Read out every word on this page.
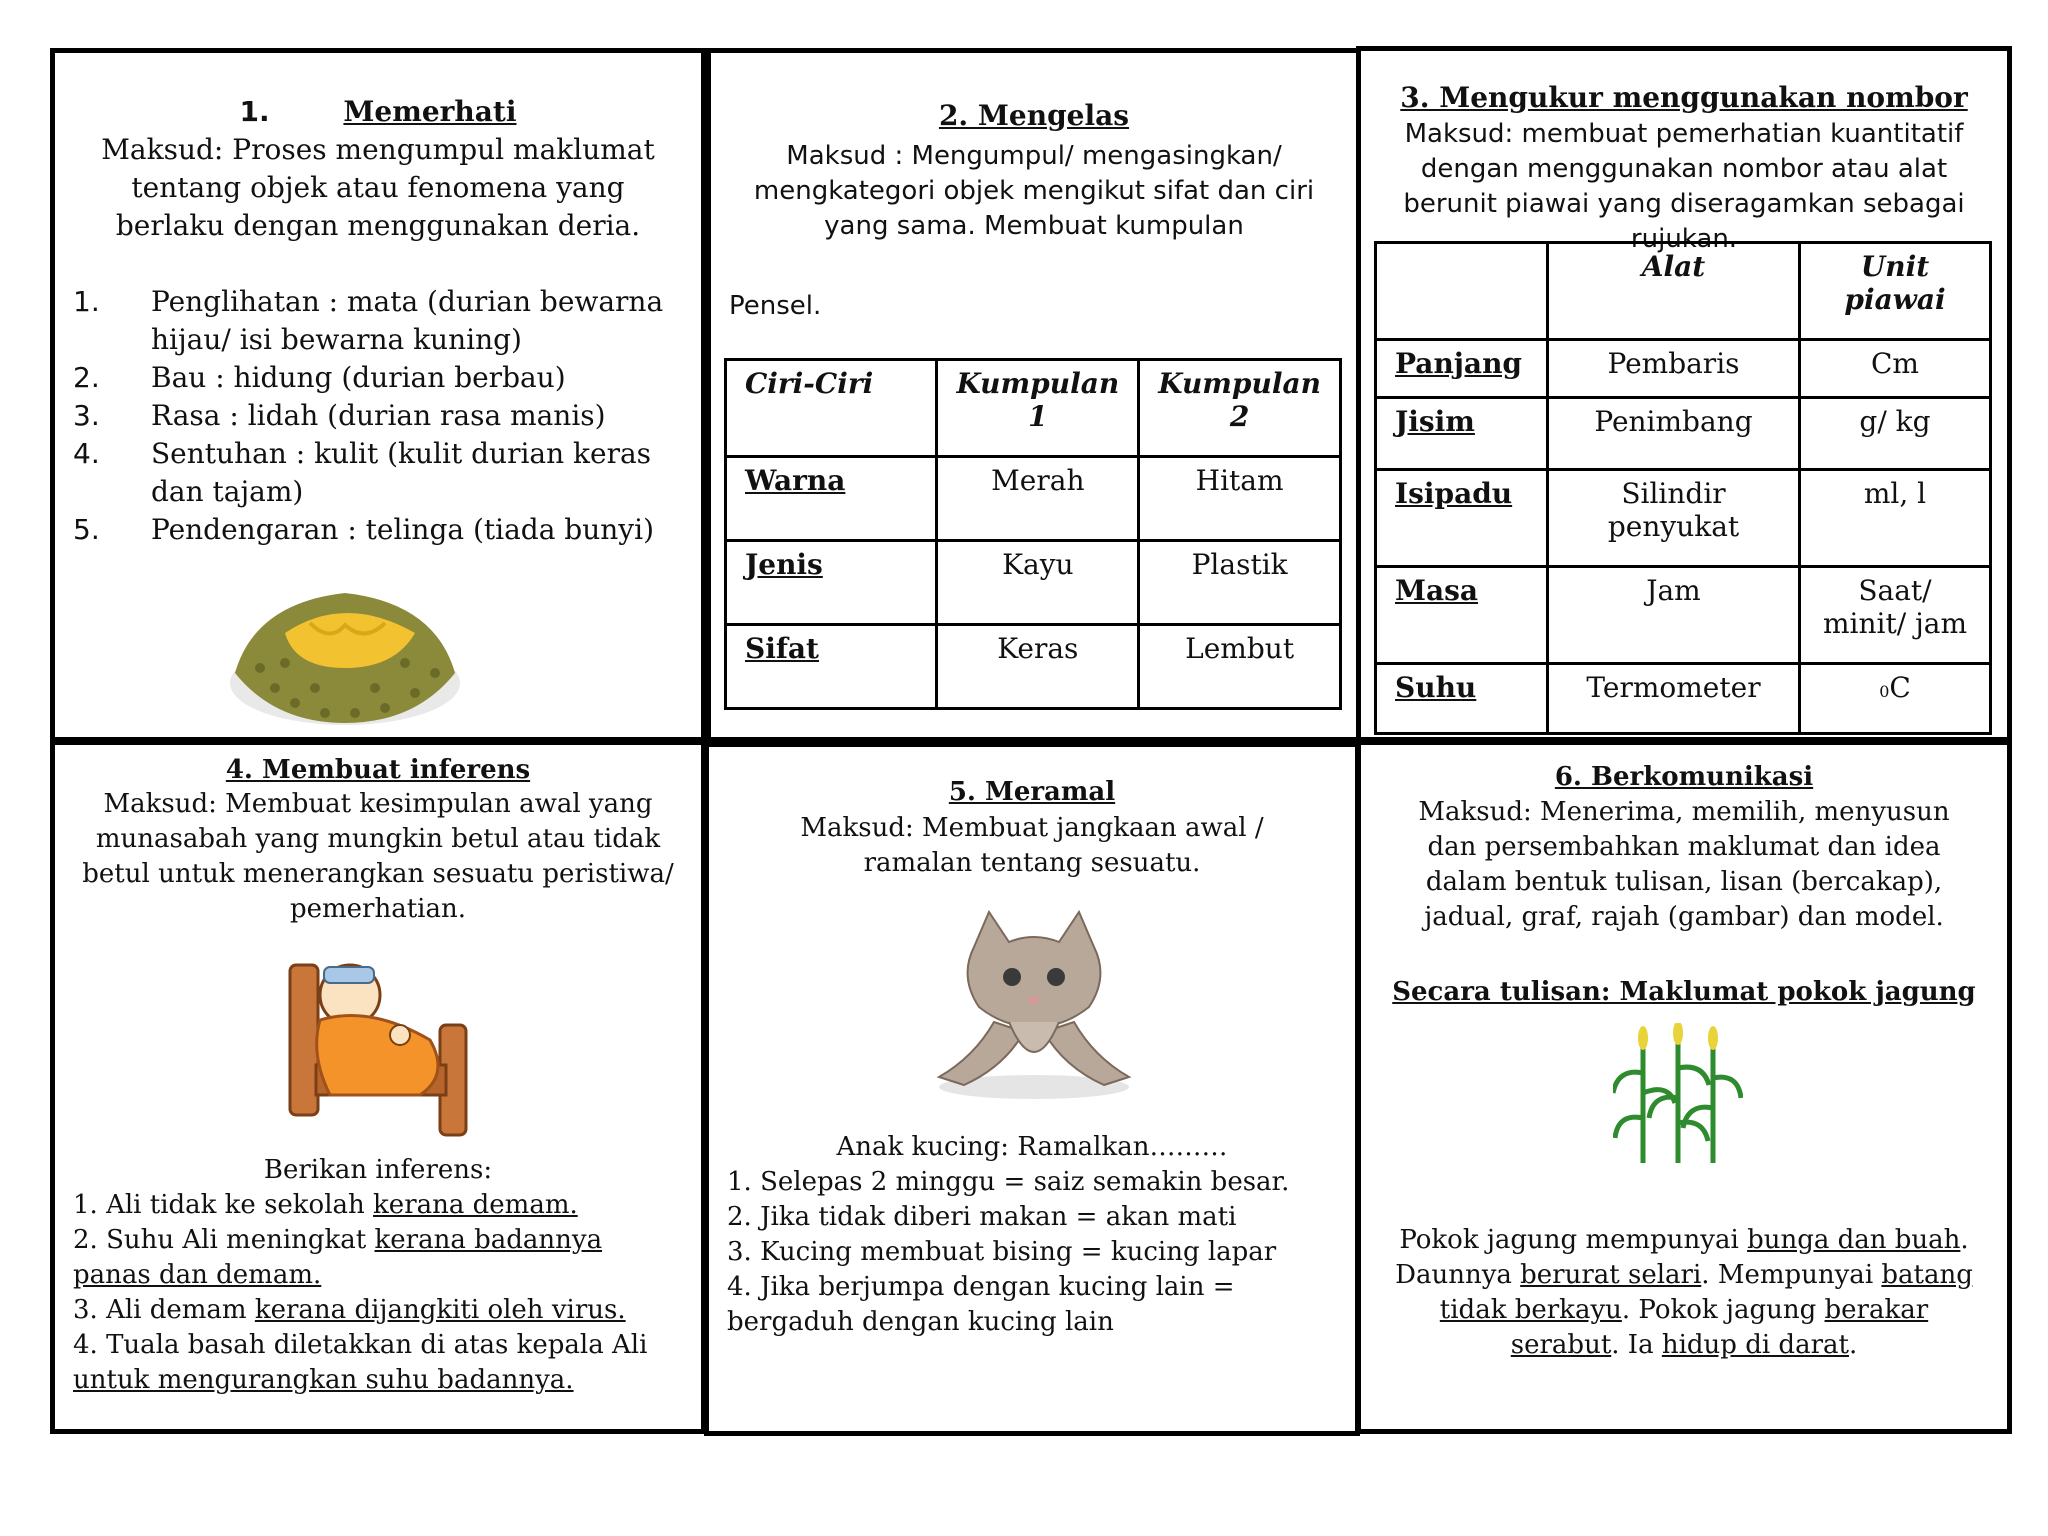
1.	Memerhati
Maksud: Proses mengumpul maklumat tentang objek atau fenomena yang berlaku dengan menggunakan deria.
1.	Penglihatan : mata (durian bewarna hijau/ isi bewarna kuning)
2.	Bau : hidung (durian berbau)
3.	Rasa : lidah (durian rasa manis)
4.	Sentuhan : kulit (kulit durian keras dan tajam)
5.	Pendengaran : telinga (tiada bunyi)
2. Mengelas
Maksud : Mengumpul/ mengasingkan/ mengkategori objek mengikut sifat dan ciri yang sama. Membuat kumpulan
Pensel.
Ciri-Ciri	Kumpulan 1	Kumpulan 2
Warna	Merah	Hitam
Jenis	Kayu	Plastik
Sifat	Keras	Lembut
3. Mengukur menggunakan nombor
Maksud: membuat pemerhatian kuantitatif dengan menggunakan nombor atau alat berunit piawai yang diseragamkan sebagai rujukan.
	Alat	Unit piawai
Panjang	Pembaris	Cm
Jisim	Penimbang	g/ kg
Isipadu	Silindir penyukat	ml, l
Masa	Jam	Saat/ minit/ jam
Suhu	Termometer	0C
4. Membuat inferens
Maksud: Membuat kesimpulan awal yang munasabah yang mungkin betul atau tidak betul untuk menerangkan sesuatu peristiwa/ pemerhatian.
Berikan inferens:
1. Ali tidak ke sekolah kerana demam.
2. Suhu Ali meningkat kerana badannya panas dan demam.
3. Ali demam kerana dijangkiti oleh virus.
4. Tuala basah diletakkan di atas kepala Ali untuk mengurangkan suhu badannya.
5. Meramal
Maksud: Membuat jangkaan awal / ramalan tentang sesuatu.
Anak kucing: Ramalkan………
1. Selepas 2 minggu = saiz semakin besar.
2. Jika tidak diberi makan = akan mati
3. Kucing membuat bising = kucing lapar
4. Jika berjumpa dengan kucing lain = bergaduh dengan kucing lain
6. Berkomunikasi
Maksud: Menerima, memilih, menyusun dan persembahkan maklumat dan idea dalam bentuk tulisan, lisan (bercakap), jadual, graf, rajah (gambar) dan model.
Secara tulisan: Maklumat pokok jagung
Pokok jagung mempunyai bunga dan buah. Daunnya berurat selari. Mempunyai batang tidak berkayu. Pokok jagung berakar serabut. Ia hidup di darat.
